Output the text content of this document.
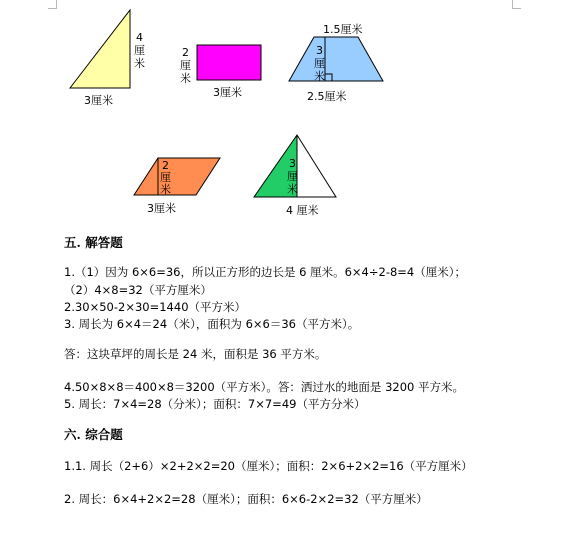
4
厘
米
3厘米
2
厘
米
3厘米
1.5厘米
3
厘
米
2.5厘米
2
厘
米
3厘米
3
厘
米
4 厘米
五. 解答题
1.（1）因为 6×6=36，所以正方形的边长是 6 厘米。6×4÷2-8=4（厘米）；
（2）4×8=32（平方厘米）
2.30×50-2×30=1440（平方米）
3. 周长为 6×4＝24（米），面积为 6×6＝36（平方米）。
答：这块草坪的周长是 24 米，面积是 36 平方米。
4.50×8×8＝400×8＝3200（平方米）。答：洒过水的地面是 3200 平方米。
5. 周长：7×4=28（分米）；面积：7×7=49（平方分米）
六. 综合题
1.1. 周长（2+6）×2+2×2=20（厘米）；面积：2×6+2×2=16（平方厘米）
2. 周长：6×4+2×2=28（厘米）；面积：6×6-2×2=32（平方厘米）
